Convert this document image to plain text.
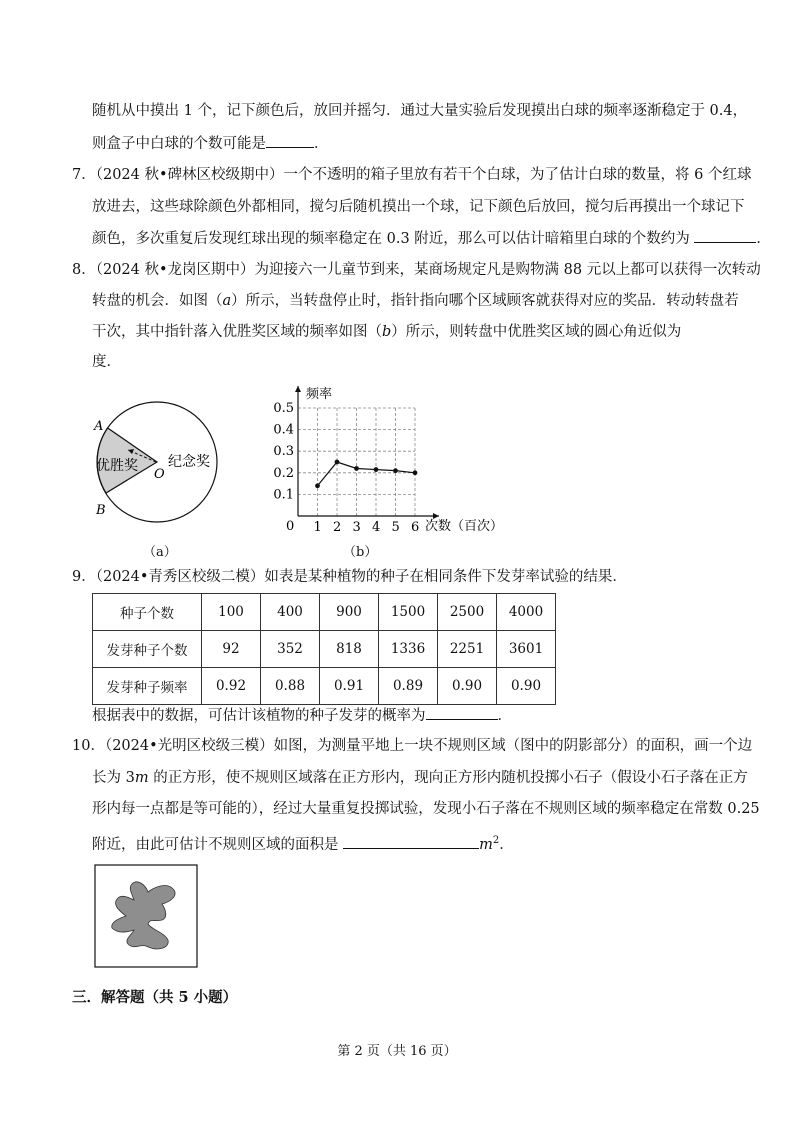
随机从中摸出 1 个，记下颜色后，放回并摇匀．通过大量实验后发现摸出白球的频率逐渐稳定于 0.4，
则盒子中白球的个数可能是	．
7．（2024 秋•碑林区校级期中）一个不透明的箱子里放有若干个白球，为了估计白球的数量，将 6 个红球
放进去，这些球除颜色外都相同，搅匀后随机摸出一个球，记下颜色后放回，搅匀后再摸出一个球记下
颜色，多次重复后发现红球出现的频率稳定在 0.3 附近，那么可以估计暗箱里白球的个数约为	．
8．（2024 秋•龙岗区期中）为迎接六一儿童节到来，某商场规定凡是购物满 88 元以上都可以获得一次转动
转盘的机会．如图（a）所示，当转盘停止时，指针指向哪个区域顾客就获得对应的奖品．转动转盘若
干次，其中指针落入优胜奖区域的频率如图（b）所示，则转盘中优胜奖区域的圆心角近似为
度．
A
B
O
优胜奖 纪念奖
（a）
1 2 3 4 5 6
0.1
0.2
0.3
0.4
0.5
0
频率
次数（百次）
（b）
9．（2024•青秀区校级二模）如表是某种植物的种子在相同条件下发芽率试验的结果．
种子个数	100	400	900	1500	2500	4000
发芽种子个数	92	352	818	1336	2251	3601
发芽种子频率	0.92	0.88	0.91	0.89	0.90	0.90
根据表中的数据，可估计该植物的种子发芽的概率为	．
10．（2024•光明区校级三模）如图，为测量平地上一块不规则区域（图中的阴影部分）的面积，画一个边
长为 3m 的正方形，使不规则区域落在正方形内，现向正方形内随机投掷小石子（假设小石子落在正方
形内每一点都是等可能的），经过大量重复投掷试验，发现小石子落在不规则区域的频率稳定在常数 0.25
附近，由此可估计不规则区域的面积是	$m^2$．
三．解答题（共 5 小题）
第 2 页（共 16 页）
